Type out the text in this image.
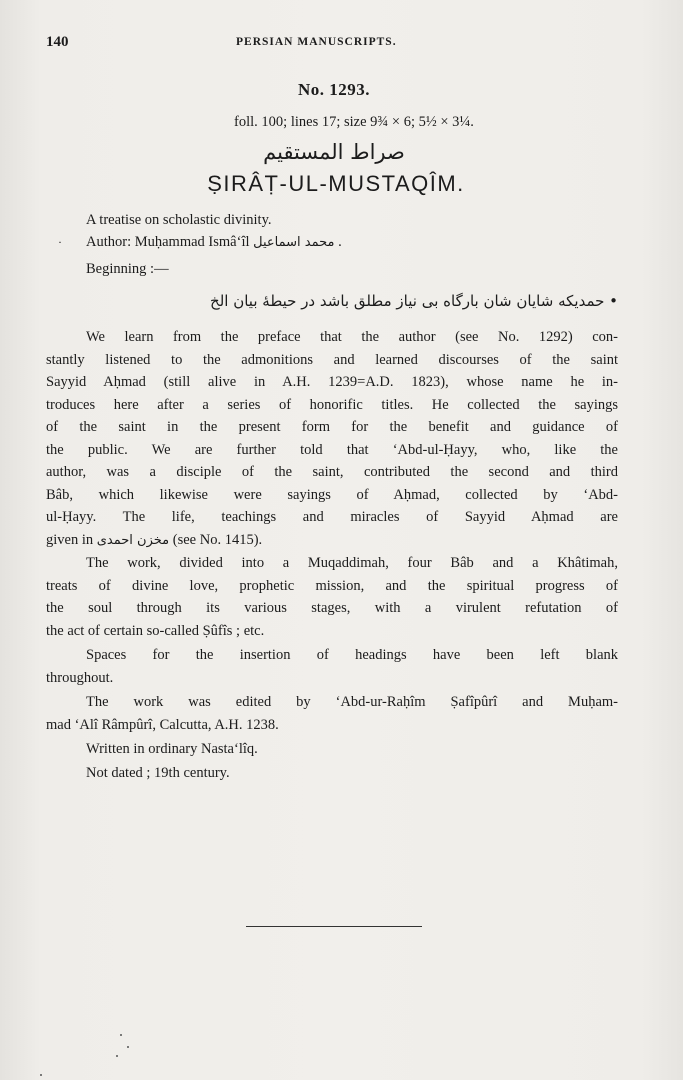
140	PERSIAN MANUSCRIPTS.
No. 1293.
foll. 100; lines 17; size 9¾ × 6; 5½ × 3¼.
صراط المستقيم
ṢIRÂṬ-UL-MUSTAQÎM.
A treatise on scholastic divinity.
· Author: Muḥammad Ismâ‘îl محمد اسماعیل .
Beginning :—
• حمدیکه شایان شان بارگاه بی نیاز مطلق باشد در حیطهٔ بیان الخ
We learn from the preface that the author (see No. 1292) con-
stantly listened to the admonitions and learned discourses of the saint
Sayyid Aḥmad (still alive in A.H. 1239=A.D. 1823), whose name he in-
troduces here after a series of honorific titles. He collected the sayings
of the saint in the present form for the benefit and guidance of
the public. We are further told that ‘Abd-ul-Ḥayy, who, like the
author, was a disciple of the saint, contributed the second and third
Bâb, which likewise were sayings of Aḥmad, collected by ‘Abd-
ul-Ḥayy. The life, teachings and miracles of Sayyid Aḥmad are
given in مخزن احمدی (see No. 1415).
The work, divided into a Muqaddimah, four Bâb and a Khâtimah,
treats of divine love, prophetic mission, and the spiritual progress of
the soul through its various stages, with a virulent refutation of
the act of certain so-called Ṣûfîs ; etc.
Spaces for the insertion of headings have been left blank
throughout.
The work was edited by ‘Abd-ur-Raḥîm Ṣafîpûrî and Muḥam-
mad ‘Alî Râmpûrî, Calcutta, A.H. 1238.
Written in ordinary Nasta‘lîq.
Not dated ; 19th century.
